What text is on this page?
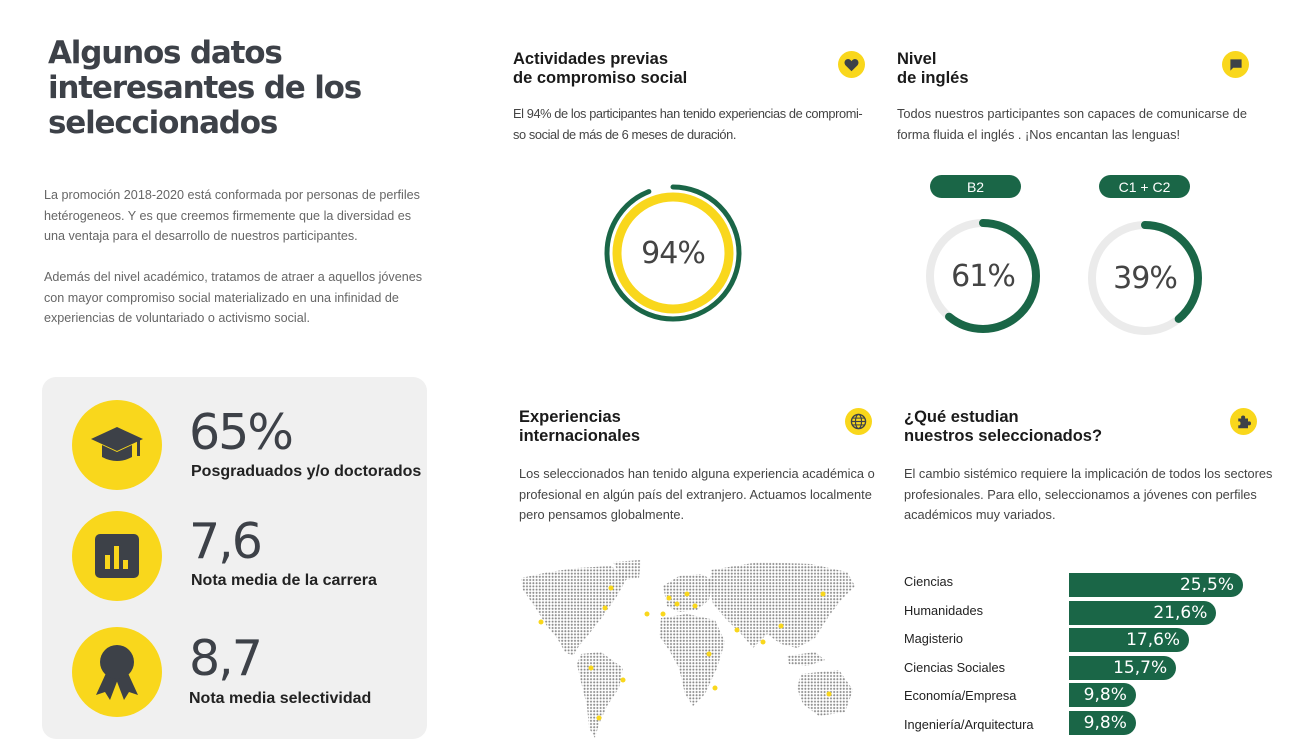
Algunos datos
interesantes de los
seleccionados

La promoción 2018-2020 está conformada por personas de perfiles
hetérogeneos. Y es que creemos firmemente que la diversidad es
una ventaja para el desarrollo de nuestros participantes.

Además del nivel académico, tratamos de atraer a aquellos jóvenes
con mayor compromiso social materializado en una infinidad de
experiencias de voluntariado o activismo social.

65%
Posgraduados y/o doctorados
7,6
Nota media de la carrera
8,7
Nota media selectividad
Actividades previas
de compromiso social

El 94% de los participantes han tenido experiencias de compromi-
so social de más de 6 meses de duración.

94%
Nivel
de inglés

Todos nuestros participantes son capaces de comunicarse de
forma fluida el inglés . ¡Nos encantan las lenguas!

B2	C1 + C2
61%	39%
Experiencias
internacionales

Los seleccionados han tenido alguna experiencia académica o
profesional en algún país del extranjero. Actuamos localmente
pero pensamos globalmente.

¿Qué estudian
nuestros seleccionados?

El cambio sistémico requiere la implicación de todos los sectores
profesionales. Para ello, seleccionamos a jóvenes con perfiles
académicos muy variados.

Ciencias
Humanidades
Magisterio
Ciencias Sociales
Economía/Empresa
Ingeniería/Arquitectura
25,5%
21,6%
17,6%
15,7%
9,8%
9,8%
